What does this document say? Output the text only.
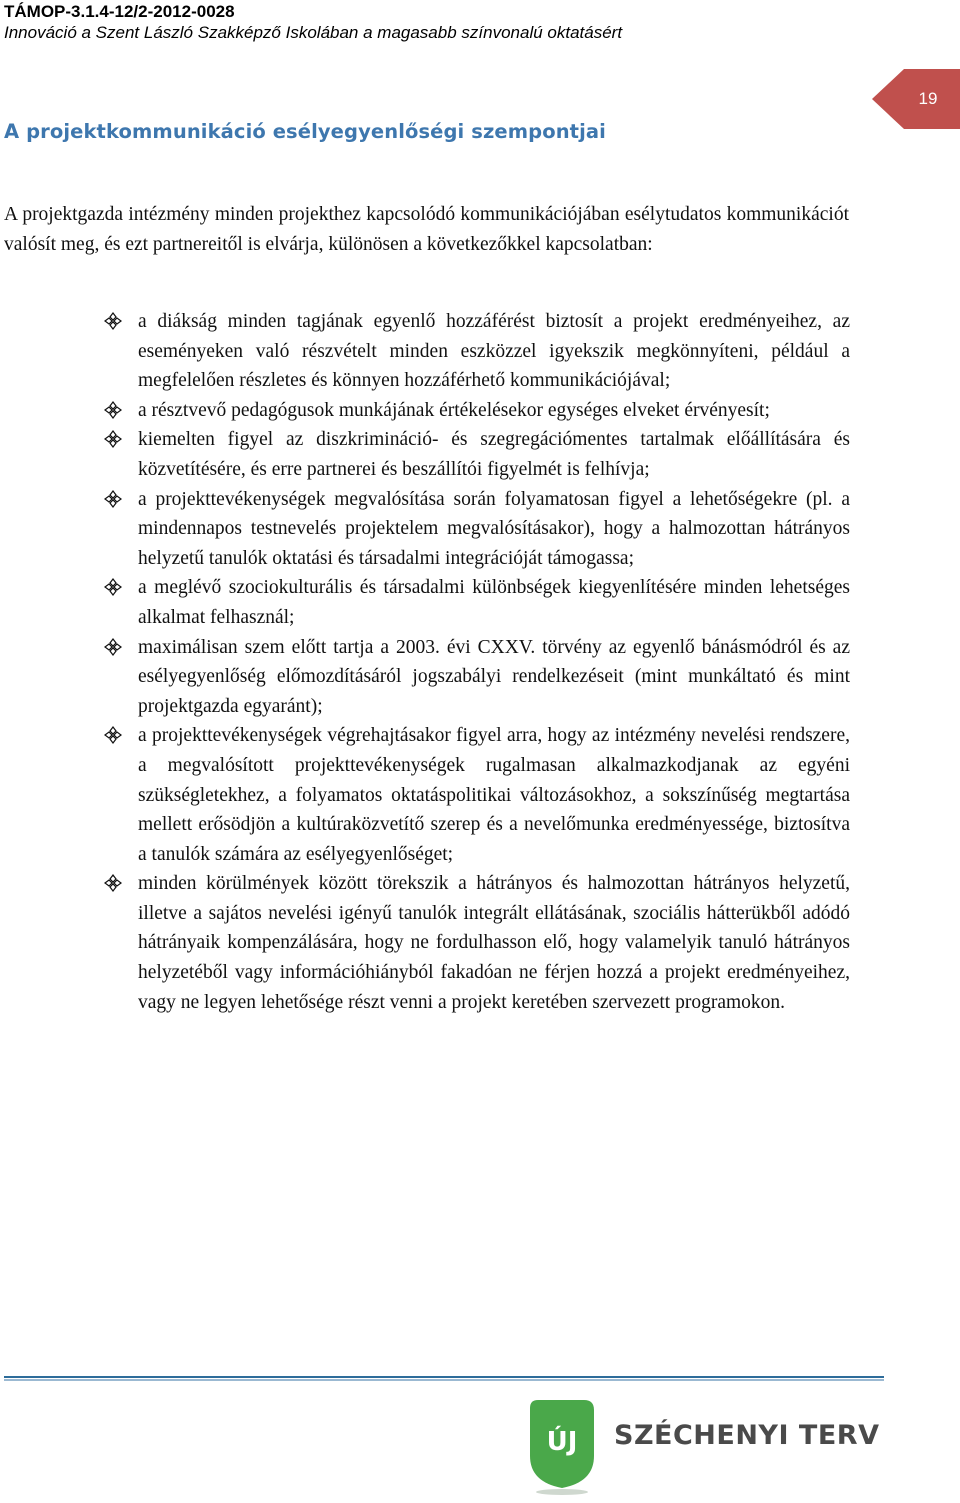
TÁMOP-3.1.4-12/2-2012-0028
Innováció a Szent László Szakképző Iskolában a magasabb színvonalú oktatásért
19
A projektkommunikáció esélyegyenlőségi szempontjai

A projektgazda intézmény minden projekthez kapcsolódó kommunikációjában esélytudatos kommunikációt valósít meg, és ezt partnereitől is elvárja, különösen a következőkkel kapcsolatban:

a diákság minden tagjának egyenlő hozzáférést biztosít a projekt eredményeihez, az eseményeken való részvételt minden eszközzel igyekszik megkönnyíteni, például a megfelelően részletes és könnyen hozzáférhető kommunikációjával;
a résztvevő pedagógusok munkájának értékelésekor egységes elveket érvényesít;
kiemelten figyel az diszkrimináció- és szegregációmentes tartalmak előállítására és közvetítésére, és erre partnerei és beszállítói figyelmét is felhívja;
a projekttevékenységek megvalósítása során folyamatosan figyel a lehetőségekre (pl. a mindennapos testnevelés projektelem megvalósításakor), hogy a halmozottan hátrányos helyzetű tanulók oktatási és társadalmi integrációját támogassa;
a meglévő szociokulturális és társadalmi különbségek kiegyenlítésére minden lehetséges alkalmat felhasznál;
maximálisan szem előtt tartja a 2003. évi CXXV. törvény az egyenlő bánásmódról és az esélyegyenlőség előmozdításáról jogszabályi rendelkezéseit (mint munkáltató és mint projektgazda egyaránt);
a projekttevékenységek végrehajtásakor figyel arra, hogy az intézmény nevelési rendszere, a megvalósított projekttevékenységek rugalmasan alkalmazkodjanak az egyéni szükségletekhez, a folyamatos oktatáspolitikai változásokhoz, a sokszínűség megtartása mellett erősödjön a kultúraközvetítő szerep és a nevelőmunka eredményessége, biztosítva a tanulók számára az esélyegyenlőséget;
minden körülmények között törekszik a hátrányos és halmozottan hátrányos helyzetű, illetve a sajátos nevelési igényű tanulók integrált ellátásának, szociális hátterükből adódó hátrányaik kompenzálására, hogy ne fordulhasson elő, hogy valamelyik tanuló hátrányos helyzetéből vagy információhiányból fakadóan ne férjen hozzá a projekt eredményeihez, vagy ne legyen lehetősége részt venni a projekt keretében szervezett programokon.
ÚJ SZÉCHENYI TERV
